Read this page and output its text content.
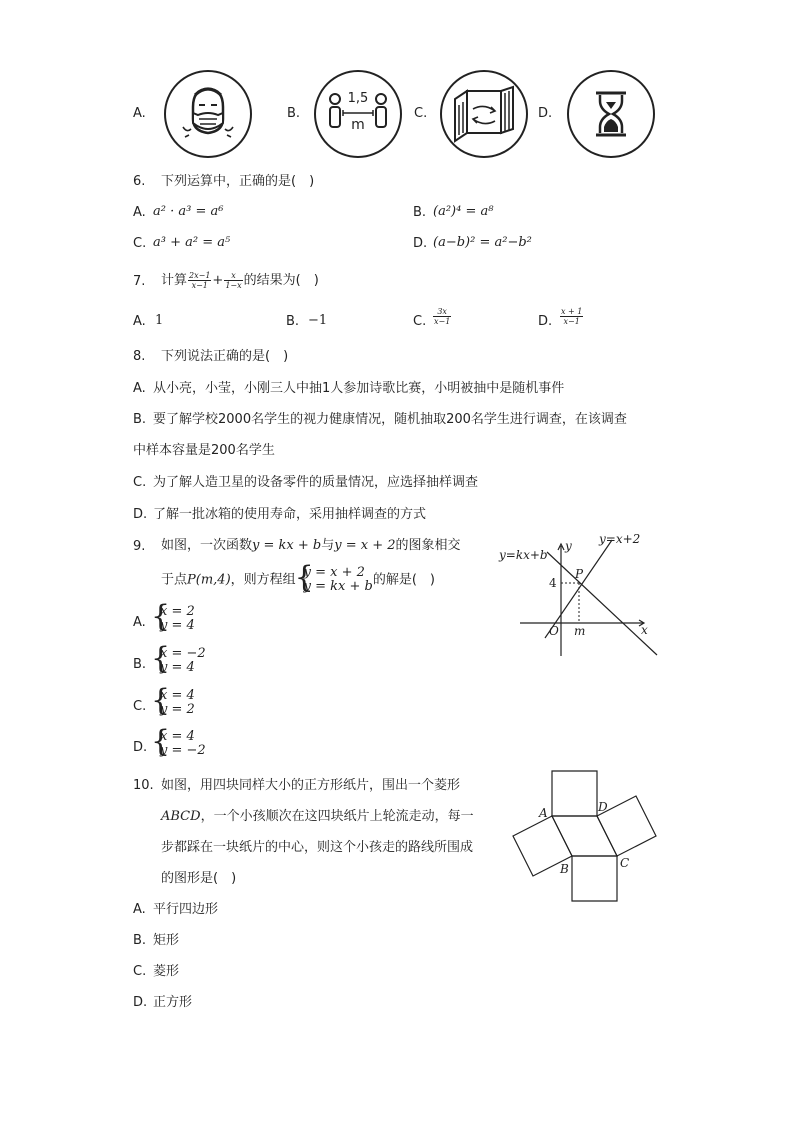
A.	B.
1,5
m
C.	D.
6. 下列运算中，正确的是(　)
A. a² · a³ = a⁶	B. (a²)⁴ = a⁸
C. a³ + a² = a⁵	D. (a−b)² = a²−b²
7. 计算 $\frac{2x-1}{x-1} + \frac{x}{1-x}$ 的结果为(　)
A. 1	B. −1	C. $\frac{3x}{x-1}$	D. $\frac{x + 1}{x-1}$
8. 下列说法正确的是(　)
A. 从小亮，小莹，小刚三人中抽1人参加诗歌比赛，小明被抽中是随机事件
B. 要了解学校2000名学生的视力健康情况，随机抽取200名学生进行调查，在该调查
中样本容量是200名学生
C. 为了解人造卫星的设备零件的质量情况，应选择抽样调查
D. 了解一批冰箱的使用寿命，采用抽样调查的方式
9. 如图，一次函数y = kx + b与y = x + 2的图象相交
于点P(m,4)，则方程组
{ y = x + 2
y = kx + b 的解是(　)
A.
{ x = 2
y = 4
B.
{ x = −2
y = 4
C.
{ x = 4
y = 2
D.
{ x = 4
y = −2
y=x+2
y=kx+b
y
x
O
P
4
m
10. 如图，用四块同样大小的正方形纸片，围出一个菱形
ABCD，一个小孩顺次在这四块纸片上轮流走动，每一
步都踩在一块纸片的中心，则这个小孩走的路线所围成
的图形是(　)
A. 平行四边形
B. 矩形
C. 菱形
D. 正方形
A	D
B	C
